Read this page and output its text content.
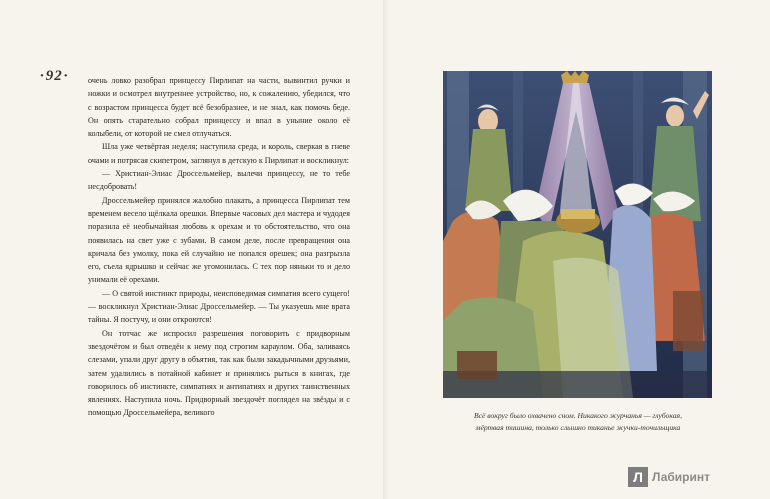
· 92 ·	очень ловко разобрал принцессу Пирлипат на части, вывинтил ручки и ножки и осмотрел внутреннее устройство, но, к сожалению, убедился, что с возрастом принцесса будет всё безобразнее, и не знал, как помочь беде. Он опять старательно собрал принцессу и впал в уныние около её колыбели, от которой не смел отлучаться.

Шла уже четвёртая неделя; наступила среда, и король, сверкая в гневе очами и потрясая скипетром, заглянул в детскую к Пирлипат и воскликнул:

— Христиан-Элиас Дроссельмейер, вылечи принцессу, не то тебе несдобровать!

Дроссельмейер принялся жалобно плакать, а принцесса Пирлипат тем временем весело щёлкала орешки. Впервые часовых дел мастера и чудодея поразила её необычайная любовь к орехам и то обстоятельство, что она появилась на свет уже с зубами. В самом деле, после превращения она кричала без умолку, пока ей случайно не попался орешек; она разгрызла его, съела ядрышко и сейчас же угомонилась. С тех пор няньки то и дело унимали её орехами.

— О святой инстинкт природы, неисповедимая симпатия всего сущего! — воскликнул Христиан-Элиас Дроссельмейер. — Ты указуешь мне врата тайны. Я постучу, и они откроются!

Он тотчас же испросил разрешения поговорить с придворным звездочётом и был отведён к нему под строгим караулом. Оба, заливаясь слезами, упали друг другу в объятия, так как были закадычными друзьями, затем удалились в потайной кабинет и принялись рыться в книгах, где говорилось об инстинкте, симпатиях и антипатиях и других таинственных явлениях. Наступила ночь. Придворный звездочёт поглядел на звёзды и с помощью Дроссельмейера, великого	Всё вокруг было охвачено сном. Никакого журчанья — глубокая,
мёртвая тишина, только слышно тиканье жучки-точильщика
Л Лабиринт
